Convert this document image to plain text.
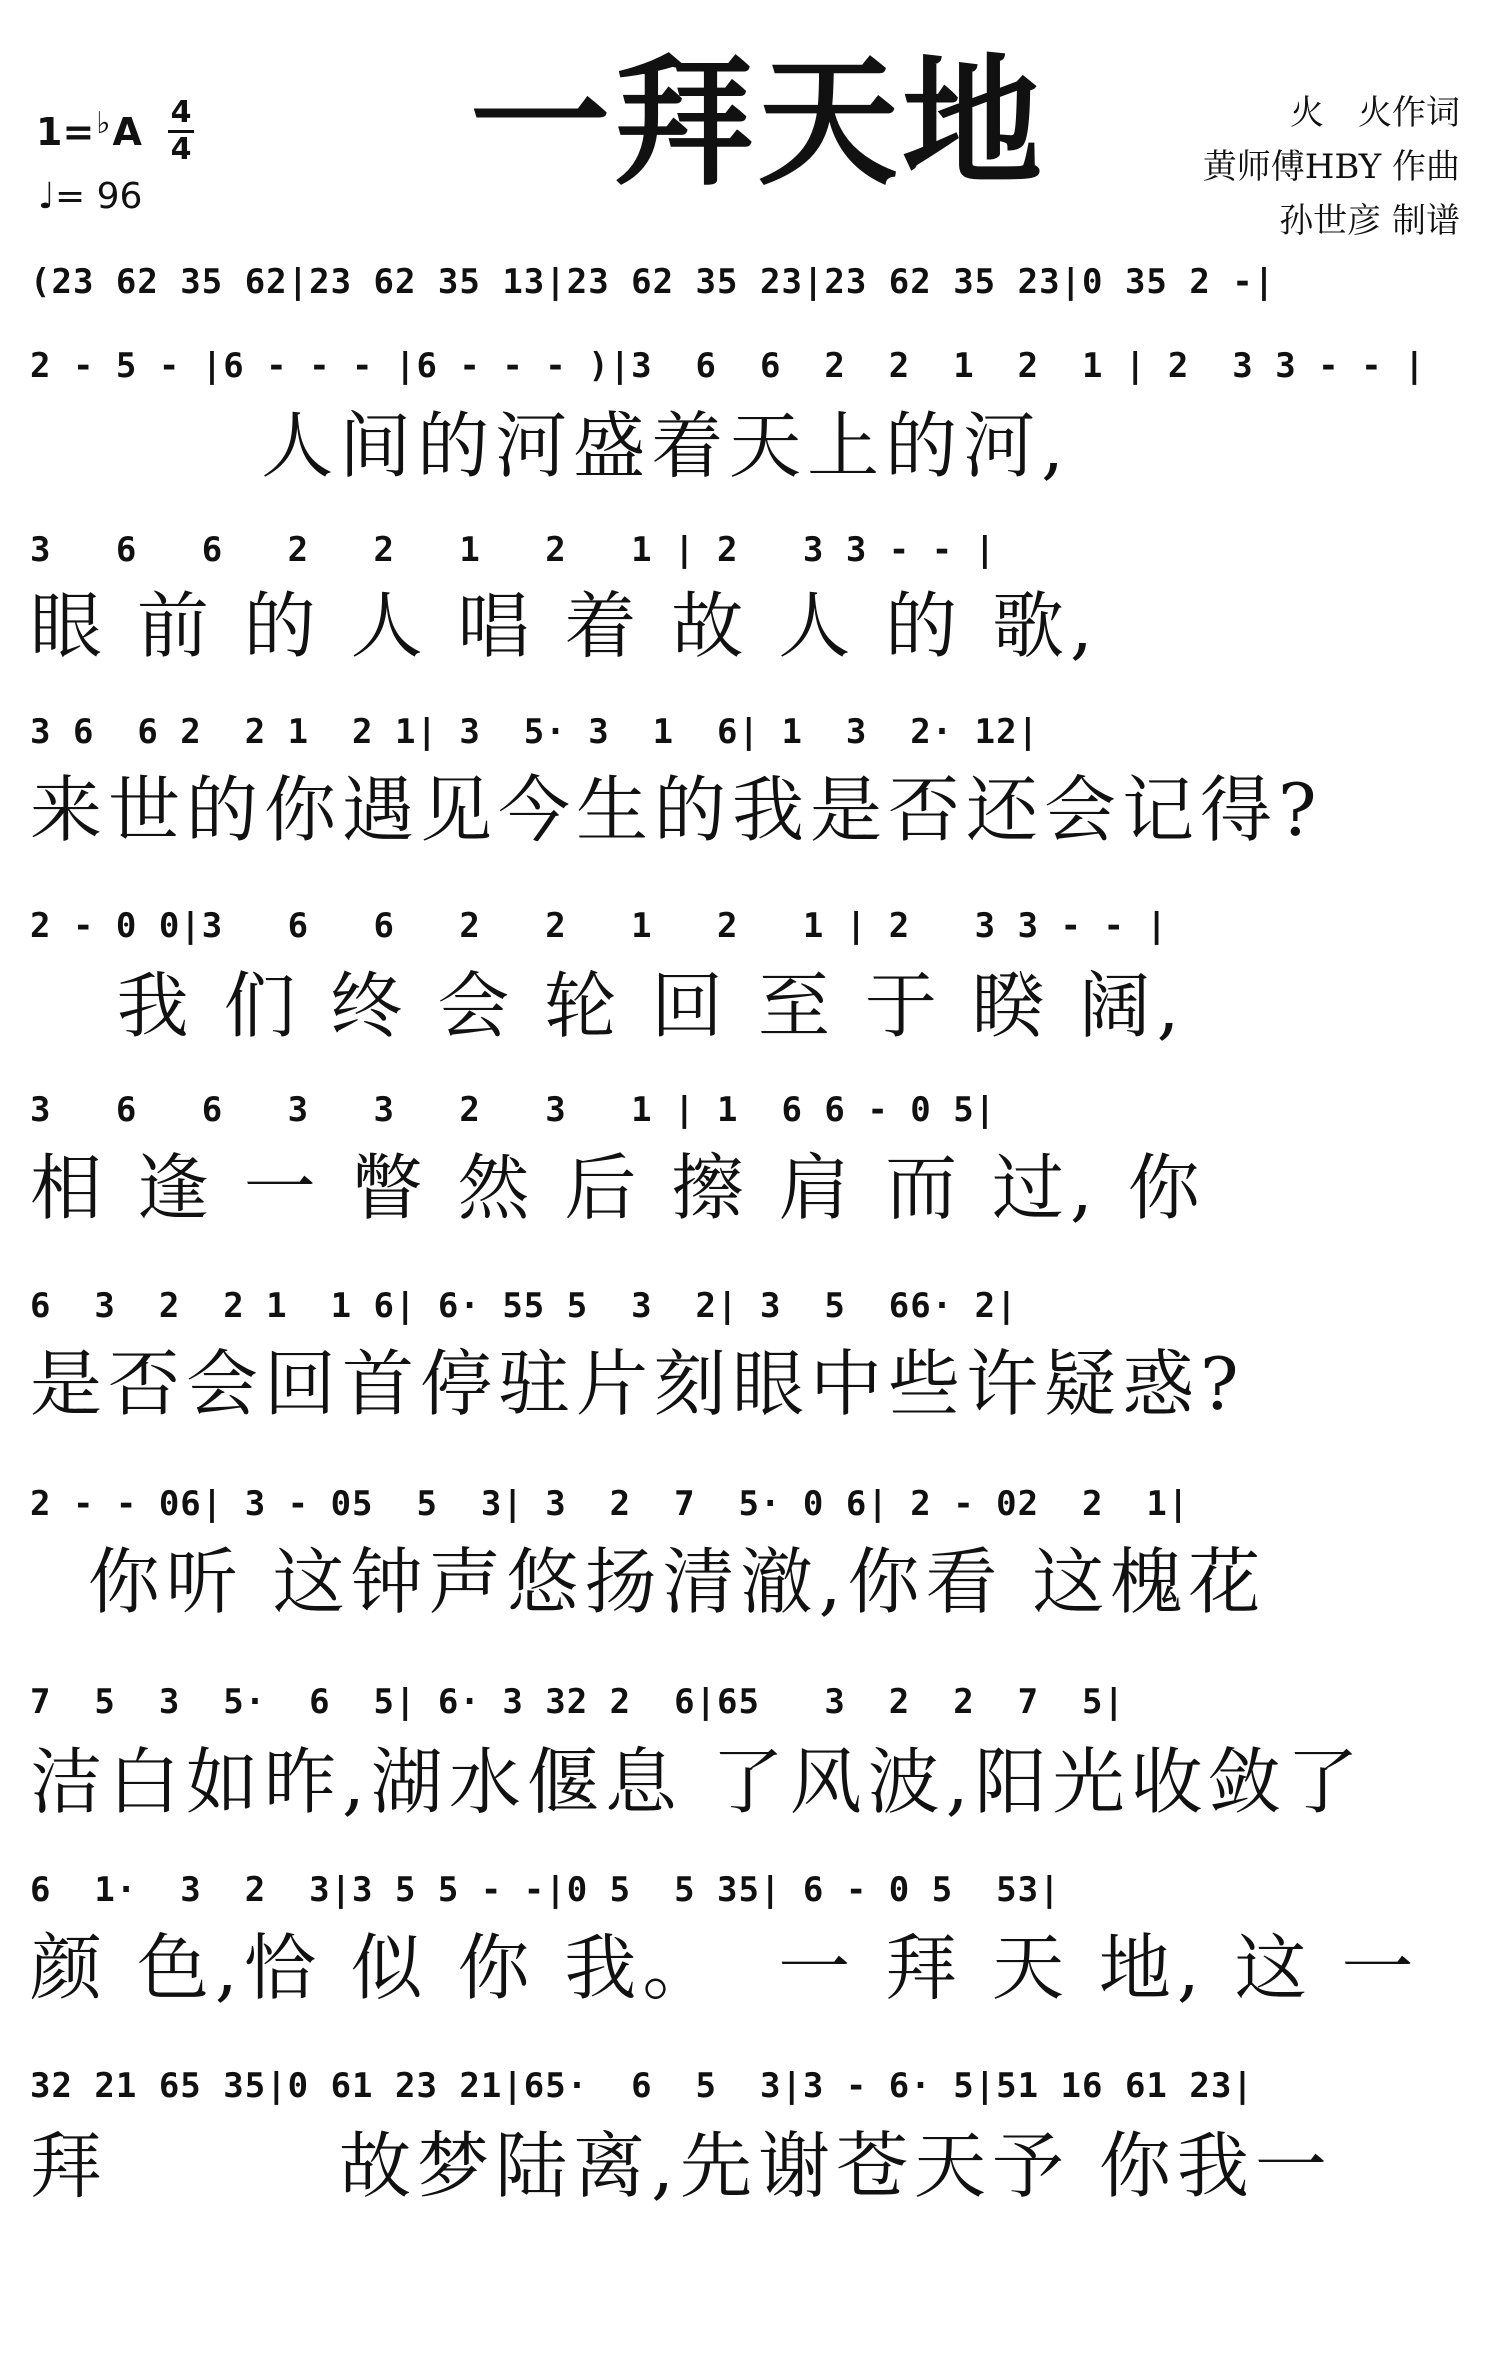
1=♭A 4
4
♩= 96 一拜天地	火　火作词
黄师傅HBY 作曲
孙世彦 制谱
(23 62 35 62|23 62 35 13|23 62 35 23|23 62 35 23|0 35 2 -|
2 - 5 - |6 - - - |6 - - - )|3  6  6  2  2  1  2  1 | 2  3 3 - - |
人间的河盛着天上的河,
3   6   6   2   2   1   2   1 | 2   3 3 - - |
眼 前 的 人 唱 着 故 人 的 歌,
3 6  6 2  2 1  2 1| 3  5· 3  1  6| 1  3  2· 12|
来世的你遇见今生的我是否还会记得?
2 - 0 0|3   6   6   2   2   1   2   1 | 2   3 3 - - |
我 们 终 会 轮 回 至 于 睽 阔,
3   6   6   3   3   2   3   1 | 1  6 6 - 0 5|
相 逢 一 瞥 然 后 擦 肩 而 过, 你
6  3  2  2 1  1 6| 6· 55 5  3  2| 3  5  66· 2|
是否会回首停驻片刻眼中些许疑惑?
2 - - 06| 3 - 05  5  3| 3  2  7  5· 0 6| 2 - 02  2  1|
你听 这钟声悠扬清澈,你看 这槐花
7  5  3  5·  6  5| 6· 3 32 2  6|65   3  2  2  7  5|
洁白如昨,湖水偃息 了风波,阳光收敛了
6  1·  3  2  3|3 5 5 - -|0 5  5 35| 6 - 0 5  53|
颜 色,恰 似 你 我。  一 拜 天 地, 这 一
32 21 65 35|0 61 23 21|65·  6  5  3|3 - 6· 5|51 16 61 23|
拜        故梦陆离,先谢苍天予 你我一
